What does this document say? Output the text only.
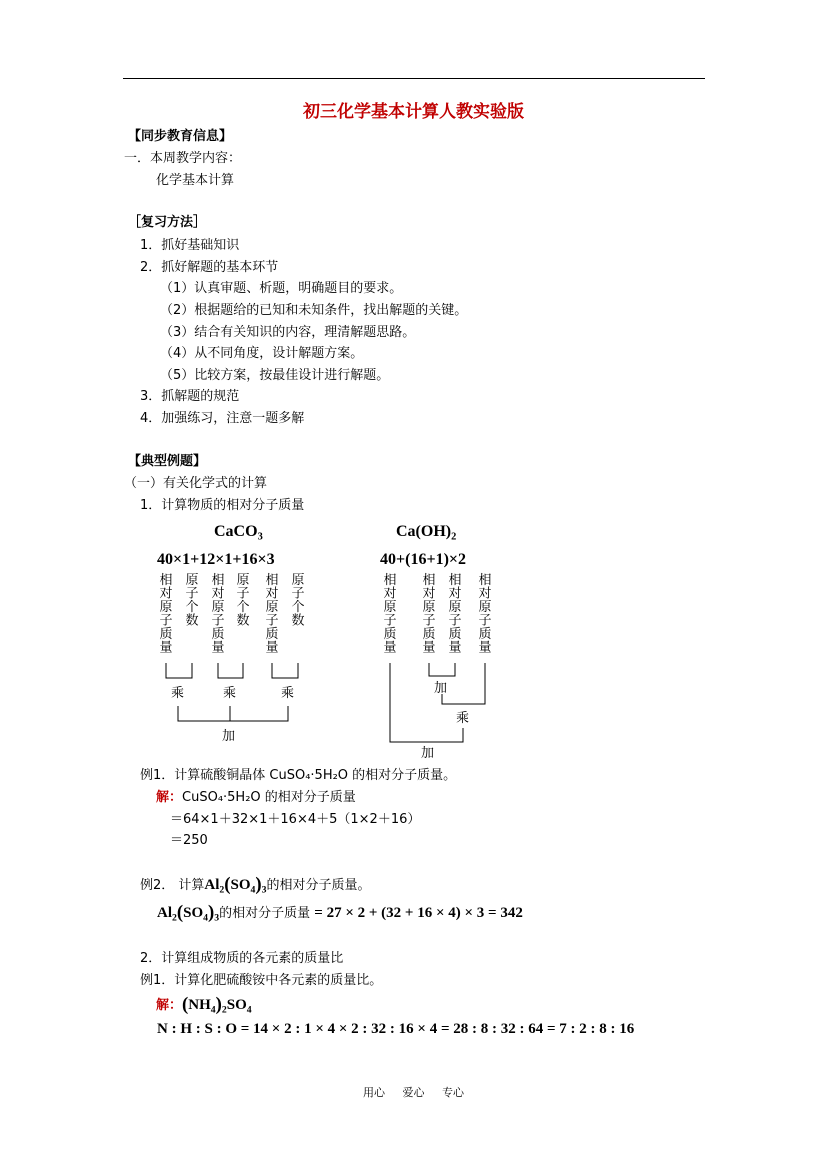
初三化学基本计算人教实验版
【同步教育信息】
一．本周教学内容：
化学基本计算
［复习方法］
1．抓好基础知识
2．抓好解题的基本环节
（1）认真审题、析题，明确题目的要求。
（2）根据题给的已知和未知条件，找出解题的关键。
（3）结合有关知识的内容，理清解题思路。
（4）从不同角度，设计解题方案。
（5）比较方案，按最佳设计进行解题。
3．抓解题的规范
4．加强练习，注意一题多解
【典型例题】
（一）有关化学式的计算
1．计算物质的相对分子质量
CaCO$_3$
40×1+12×1+16×3
$Ca(OH)_2$
40+(16+1)×2
相
对
原
子
质
量
原
子
个
数
相
对
原
子
质
量
原
子
个
数
相
对
原
子
质
量
原
子
个
数
相
对
原
子
质
量
相
对
原
子
质
量
相
对
原
子
质
量
相
对
原
子
质
量
乘	乘	乘
加
加
乘
加
例1．计算硫酸铜晶体 CuSO₄·5H₂O 的相对分子质量。
解：CuSO₄·5H₂O 的相对分子质量
＝64×1＋32×1＋16×4＋5（1×2＋16）
＝250
例2． 计算$Al_2(SO_4)_3$的相对分子质量。
$Al_2(SO_4)_3$的相对分子质量 = 27 × 2 + (32 + 16 × 4) × 3 = 342
2．计算组成物质的各元素的质量比
例1．计算化肥硫酸铵中各元素的质量比。
解：$(NH_4)_2SO_4$
N : H : S : O = 14 × 2 : 1 × 4 × 2 : 32 : 16 × 4 = 28 : 8 : 32 : 64 = 7 : 2 : 8 : 16
用心 爱心 专心
